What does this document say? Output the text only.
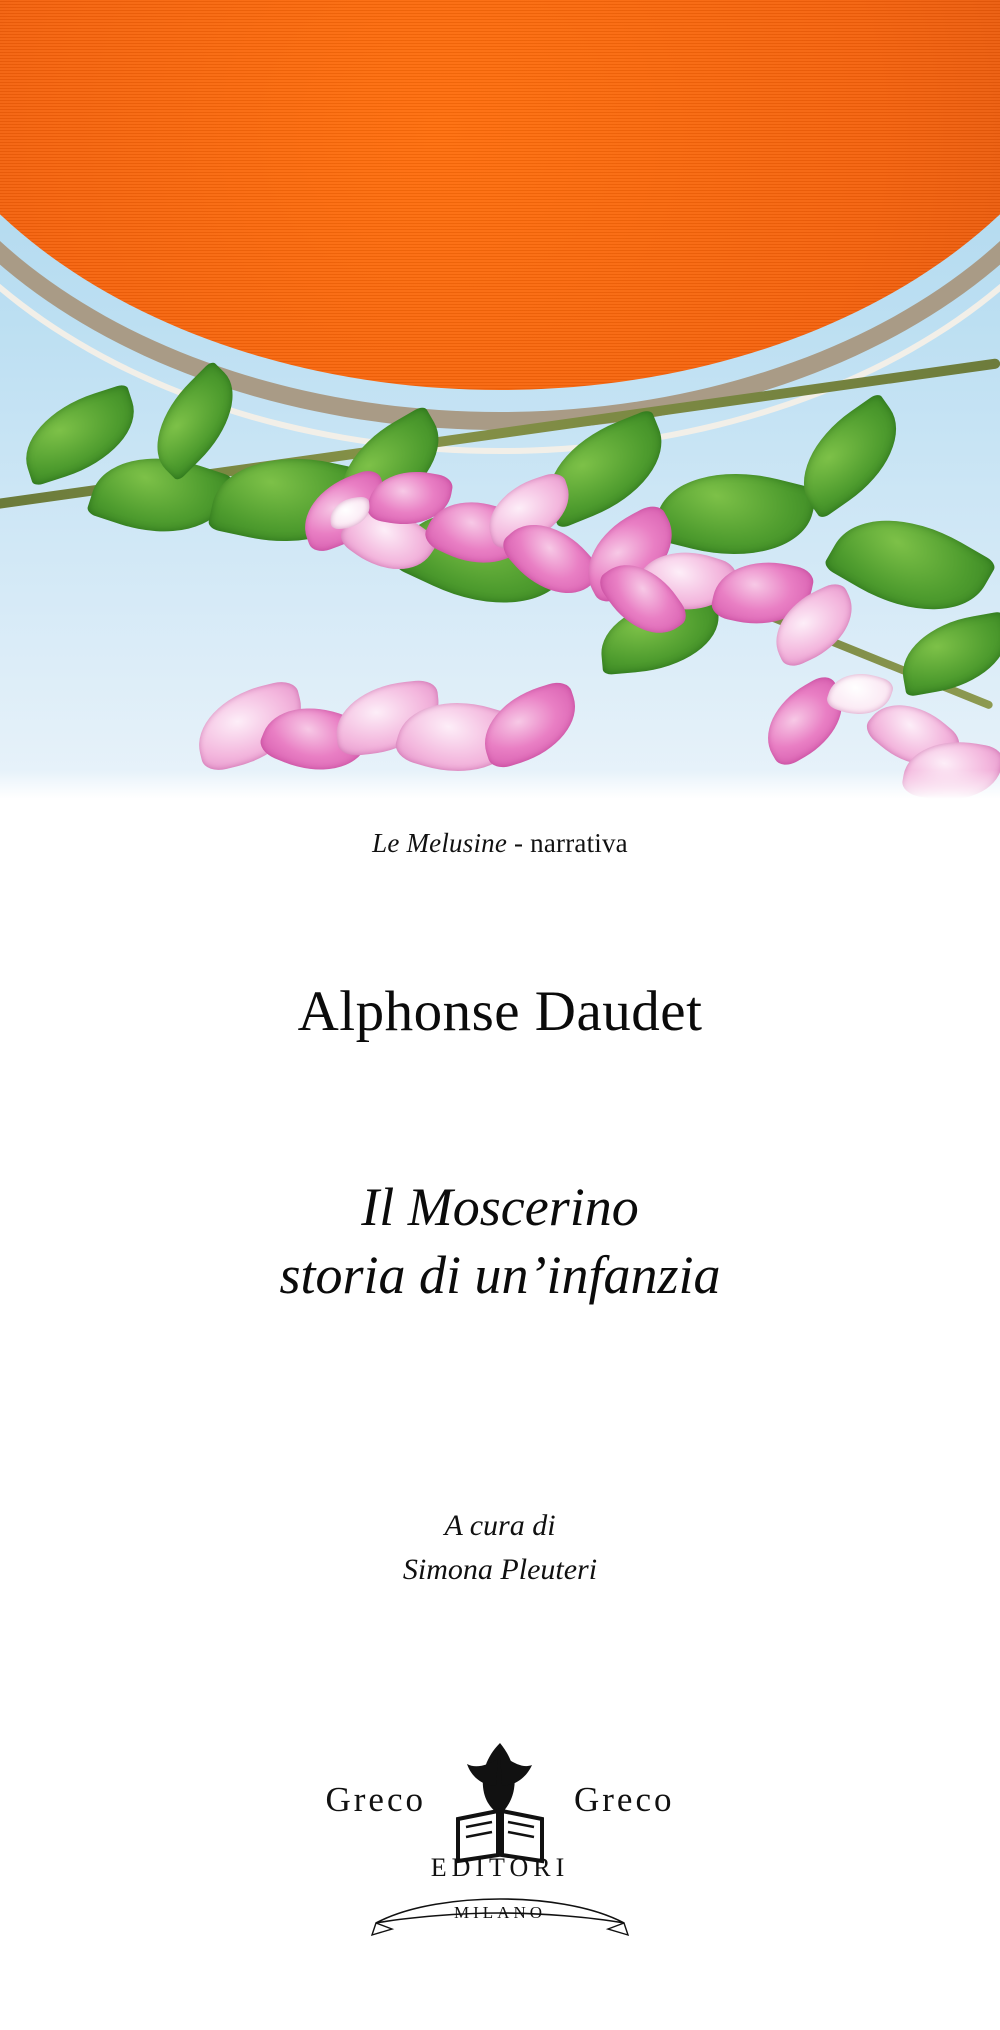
Le Melusine - narrativa
Alphonse Daudet
Il Moscerino
storia di un’infanzia
A cura di
Simona Pleuteri
Greco	Greco
EDITORI
MILANO
